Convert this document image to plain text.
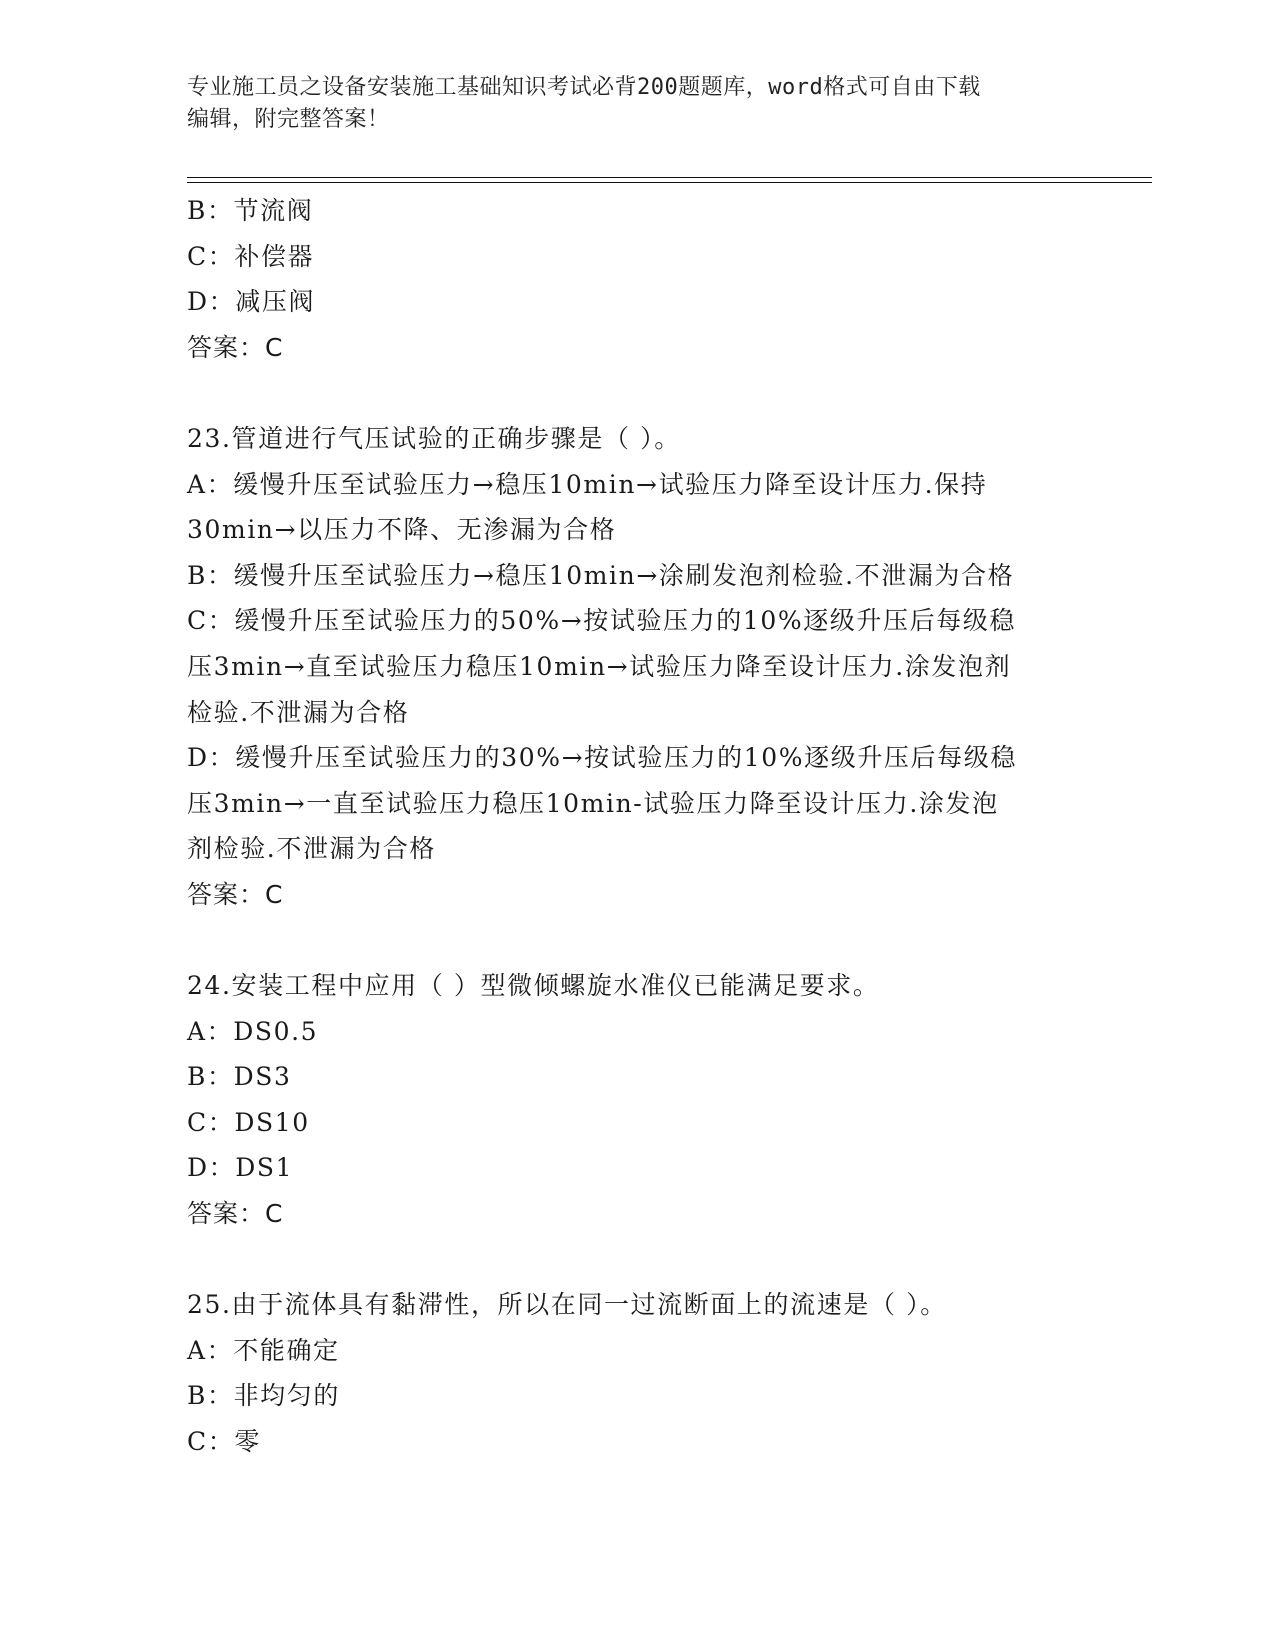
专业施工员之设备安装施工基础知识考试必背200题题库，word格式可自由下载
编辑，附完整答案！
B：节流阀
C：补偿器
D：减压阀
答案：C
23.管道进行气压试验的正确步骤是（ ）。
A：缓慢升压至试验压力→稳压10min→试验压力降至设计压力.保持
30min→以压力不降、无渗漏为合格
B：缓慢升压至试验压力→稳压10min→涂刷发泡剂检验.不泄漏为合格
C：缓慢升压至试验压力的50%→按试验压力的10%逐级升压后每级稳
压3min→直至试验压力稳压10min→试验压力降至设计压力.涂发泡剂
检验.不泄漏为合格
D：缓慢升压至试验压力的30%→按试验压力的10%逐级升压后每级稳
压3min→一直至试验压力稳压10min-试验压力降至设计压力.涂发泡
剂检验.不泄漏为合格
答案：C
24.安装工程中应用（ ）型微倾螺旋水准仪已能满足要求。
A：DS0.5
B：DS3
C：DS10
D：DS1
答案：C
25.由于流体具有黏滞性，所以在同一过流断面上的流速是（ ）。
A：不能确定
B：非均匀的
C：零
